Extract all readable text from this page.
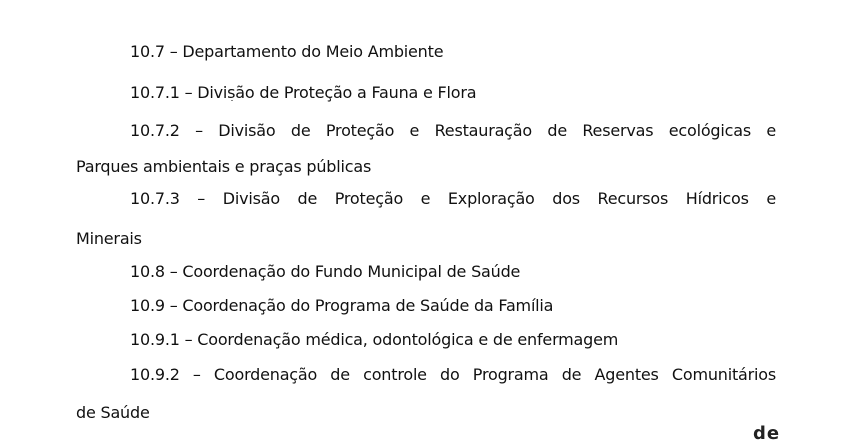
10.7 – Departamento do Meio Ambiente
10.7.1 – Divisão de Proteção a Fauna e Flora
10.7.2 – Divisão de Proteção e Restauração de Reservas ecológicas e
Parques ambientais e praças públicas
10.7.3 – Divisão de Proteção e Exploração dos Recursos Hídricos e
Minerais
10.8 – Coordenação do Fundo Municipal de Saúde
10.9 – Coordenação do Programa de Saúde da Família
10.9.1 – Coordenação médica, odontológica e de enfermagem
10.9.2 – Coordenação de controle do Programa de Agentes Comunitários
de Saúde
de
